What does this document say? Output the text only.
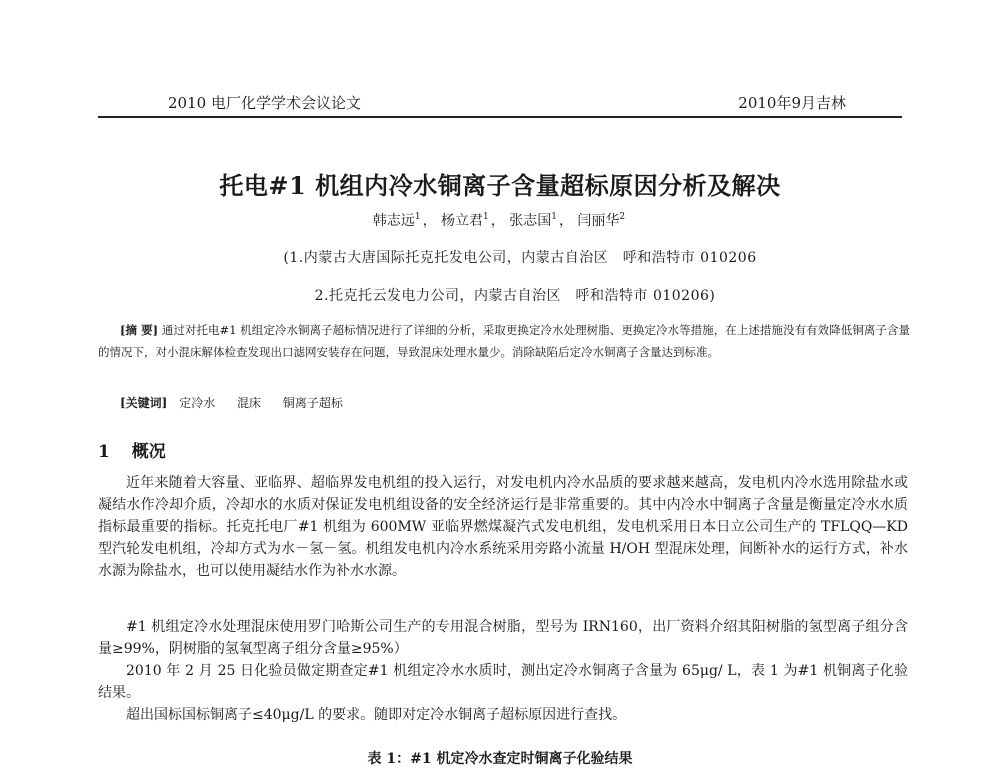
2010 电厂化学学术会议论文	2010年9月吉林
托电#1 机组内冷水铜离子含量超标原因分析及解决
韩志远$^1$ ， 杨立君$^1$ ， 张志国$^1$ ， 闫丽华$^2$
(1.内蒙古大唐国际托克托发电公司，内蒙古自治区　呼和浩特市 010206
2.托克托云发电力公司，内蒙古自治区　呼和浩特市 010206)
[摘 要] 通过对托电#1 机组定冷水铜离子超标情况进行了详细的分析，采取更换定冷水处理树脂、更换定冷水等措施，在上述措施没有有效降低铜离子含量的情况下，对小混床解体检查发现出口滤网安装存在问题，导致混床处理水量少。消除缺陷后定冷水铜离子含量达到标准。
[关键词] 定冷水 混床 铜离子超标
1 概况

近年来随着大容量、亚临界、超临界发电机组的投入运行，对发电机内冷水品质的要求越来越高，发电机内冷水选用除盐水或凝结水作冷却介质，冷却水的水质对保证发电机组设备的安全经济运行是非常重要的。其中内冷水中铜离子含量是衡量定冷水水质指标最重要的指标。托克托电厂#1 机组为 600MW 亚临界燃煤凝汽式发电机组，发电机采用日本日立公司生产的 TFLQQ—KD 型汽轮发电机组，冷却方式为水－氢－氢。机组发电机内冷水系统采用旁路小流量 H/OH 型混床处理，间断补水的运行方式，补水水源为除盐水，也可以使用凝结水作为补水水源。

#1 机组定冷水处理混床使用罗门哈斯公司生产的专用混合树脂，型号为 IRN160，出厂资料介绍其阳树脂的氢型离子组分含量≥99%，阴树脂的氢氧型离子组分含量≥95%）

2010 年 2 月 25 日化验员做定期查定#1 机组定冷水水质时，测出定冷水铜离子含量为 65μg/ L，表 1 为#1 机铜离子化验结果。

超出国标国标铜离子≤40μg/L 的要求。随即对定冷水铜离子超标原因进行查找。

表 1：#1 机定冷水查定时铜离子化验结果
